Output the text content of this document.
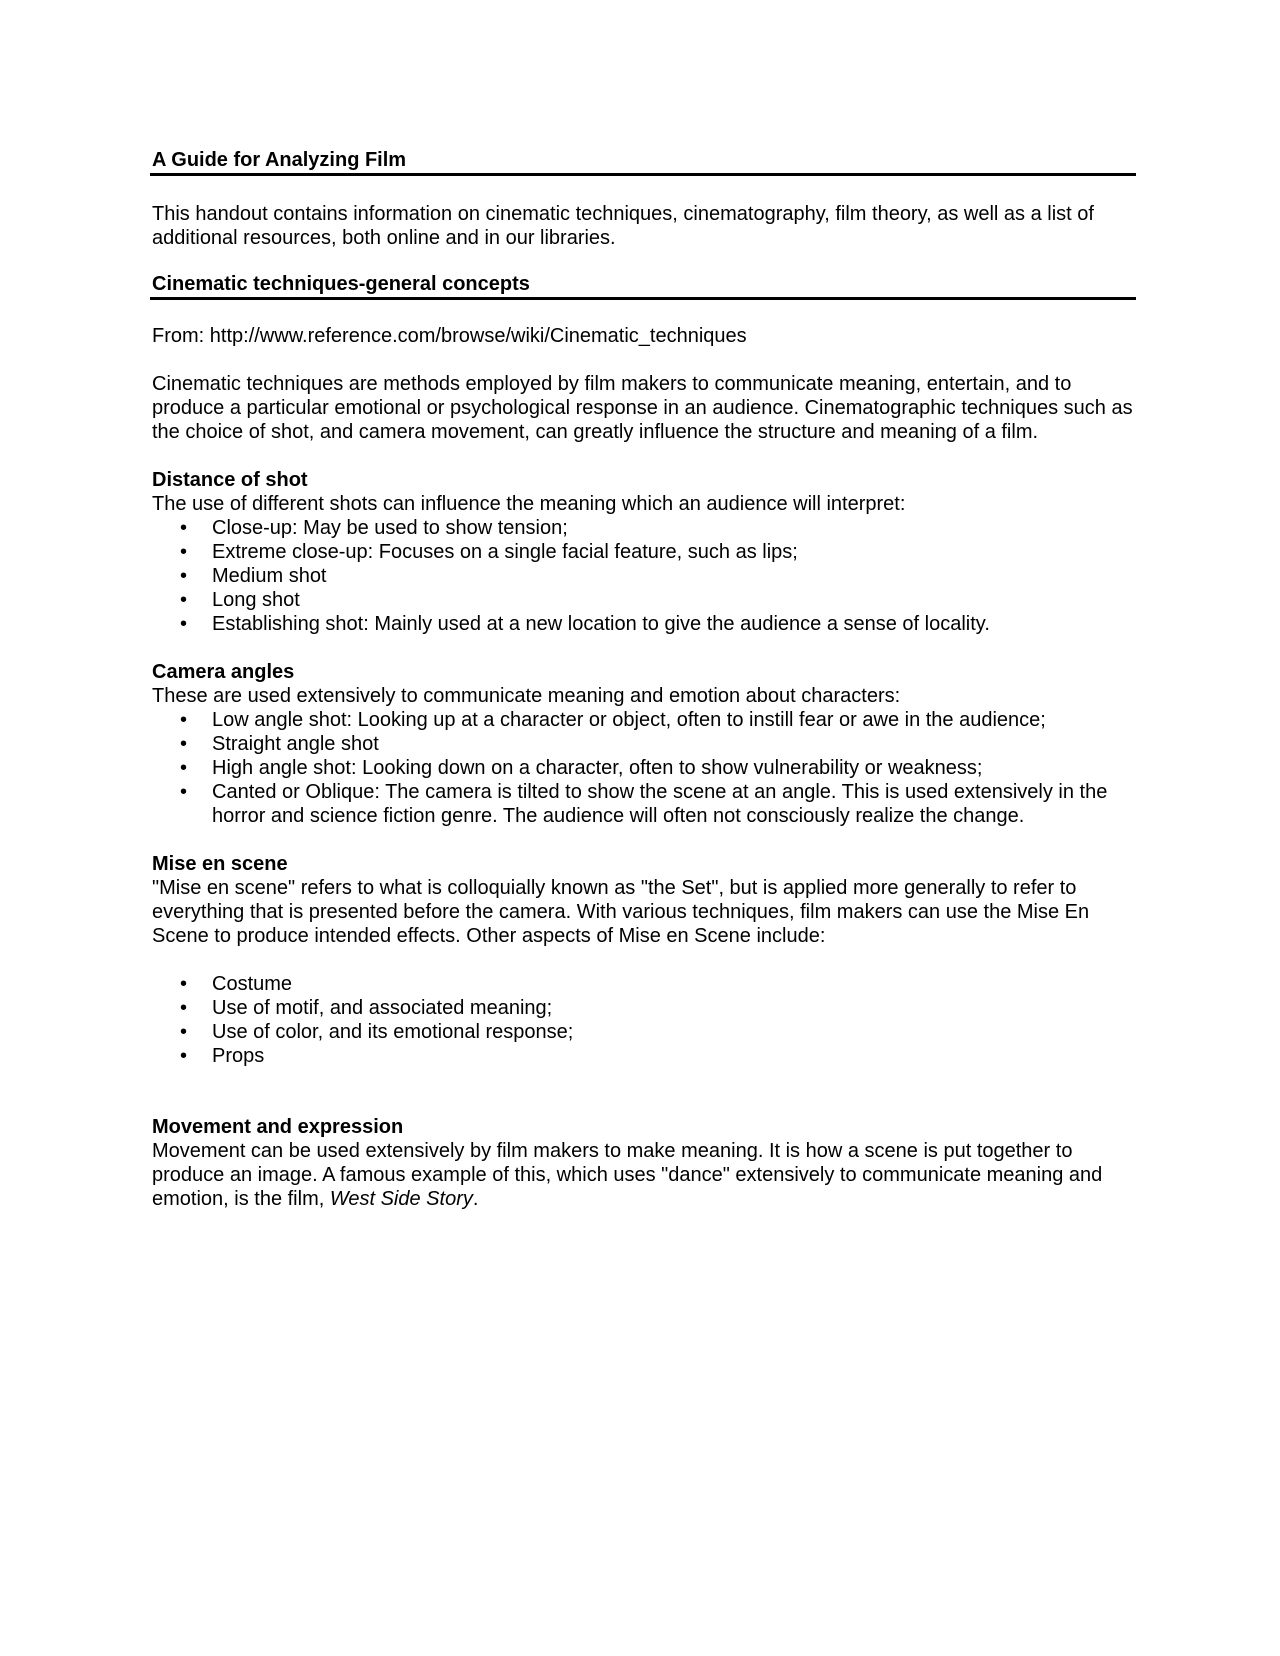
A Guide for Analyzing Film

This handout contains information on cinematic techniques, cinematography, film theory, as well as a list of additional resources, both online and in our libraries.

Cinematic techniques-general concepts

From: http://www.reference.com/browse/wiki/Cinematic_techniques

Cinematic techniques are methods employed by film makers to communicate meaning, entertain, and to produce a particular emotional or psychological response in an audience. Cinematographic techniques such as the choice of shot, and camera movement, can greatly influence the structure and meaning of a film.

Distance of shot

The use of different shots can influence the meaning which an audience will interpret:

• Close-up: May be used to show tension;
• Extreme close-up: Focuses on a single facial feature, such as lips;
• Medium shot
• Long shot
• Establishing shot: Mainly used at a new location to give the audience a sense of locality.
Camera angles

These are used extensively to communicate meaning and emotion about characters:

• Low angle shot: Looking up at a character or object, often to instill fear or awe in the audience;
• Straight angle shot
• High angle shot: Looking down on a character, often to show vulnerability or weakness;
• Canted or Oblique: The camera is tilted to show the scene at an angle. This is used extensively in the horror and science fiction genre. The audience will often not consciously realize the change.
Mise en scene

"Mise en scene" refers to what is colloquially known as "the Set", but is applied more generally to refer to everything that is presented before the camera. With various techniques, film makers can use the Mise En Scene to produce intended effects. Other aspects of Mise en Scene include:

• Costume
• Use of motif, and associated meaning;
• Use of color, and its emotional response;
• Props
Movement and expression

Movement can be used extensively by film makers to make meaning. It is how a scene is put together to produce an image. A famous example of this, which uses "dance" extensively to communicate meaning and emotion, is the film, West Side Story.
